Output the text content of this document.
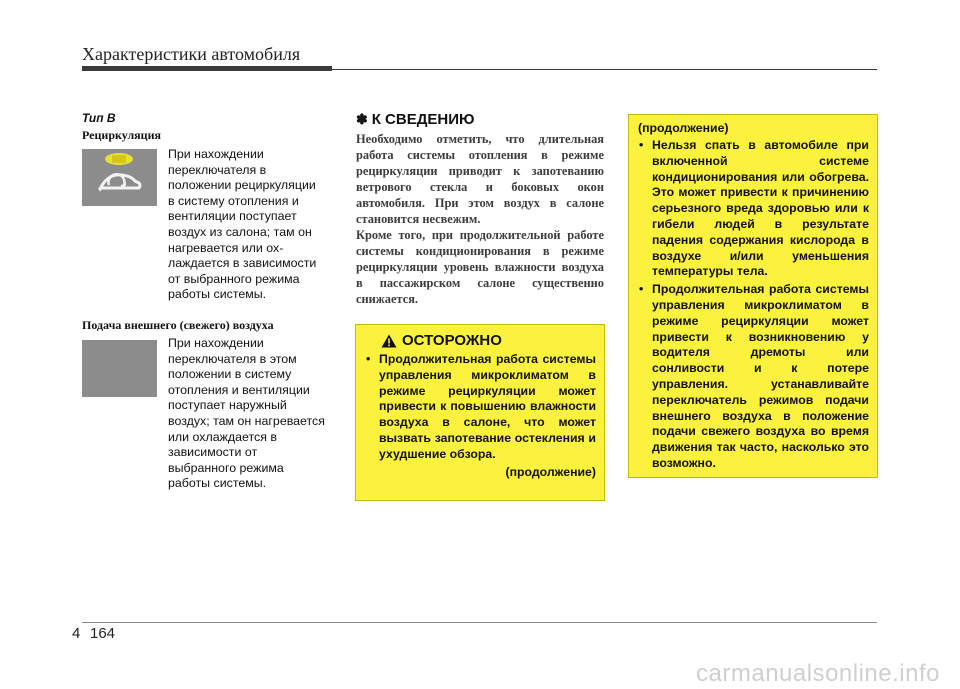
Характеристики автомобиля
Тип B
Рециркуляция
При нахождении
переключателя в
положении рециркуляции
в систему отопления и
вентиляции поступает
воздух из салона; там он
нагревается или ох-
лаждается в зависимости
от выбранного режима
работы системы.
Подача внешнего (свежего) воздуха
При нахождении
переключателя в этом
положении в систему
отопления и вентиляции
поступает наружный
воздух; там он нагревается
или охлаждается в
зависимости от
выбранного режима
работы системы.
✽ К СВЕДЕНИЮ

Необходимо отметить, что длительная работа системы отопления в режиме рециркуляции приводит к запотеванию ветрового стекла и боковых окон автомобиля. При этом воздух в салоне становится несвежим.

Кроме того, при продолжительной работе системы кондиционирования в режиме рециркуляции уровень влажности воздуха в пассажирском салоне существенно снижается.

ОСТОРОЖНО
• Продолжительная работа системы управления микроклиматом в режиме рециркуляции может привести к повышению влажности воздуха в салоне, что может вызвать запотевание остекления и ухудшение обзора.
(продолжение)
(продолжение)
• Нельзя спать в автомобиле при включенной системе кондиционирования или обогрева. Это может привести к причинению серьезного вреда здоровью или к гибели людей в результате падения содержания кислорода в воздухе и/или уменьшения температуры тела.
• Продолжительная работа системы управления микроклиматом в режиме рециркуляции может привести к возникновению у водителя дремоты или сонливости и к потере управления. устанавливайте переключатель режимов подачи внешнего воздуха в положение подачи свежего воздуха во время движения так часто, насколько это возможно.
4 164
carmanualsonline.info
